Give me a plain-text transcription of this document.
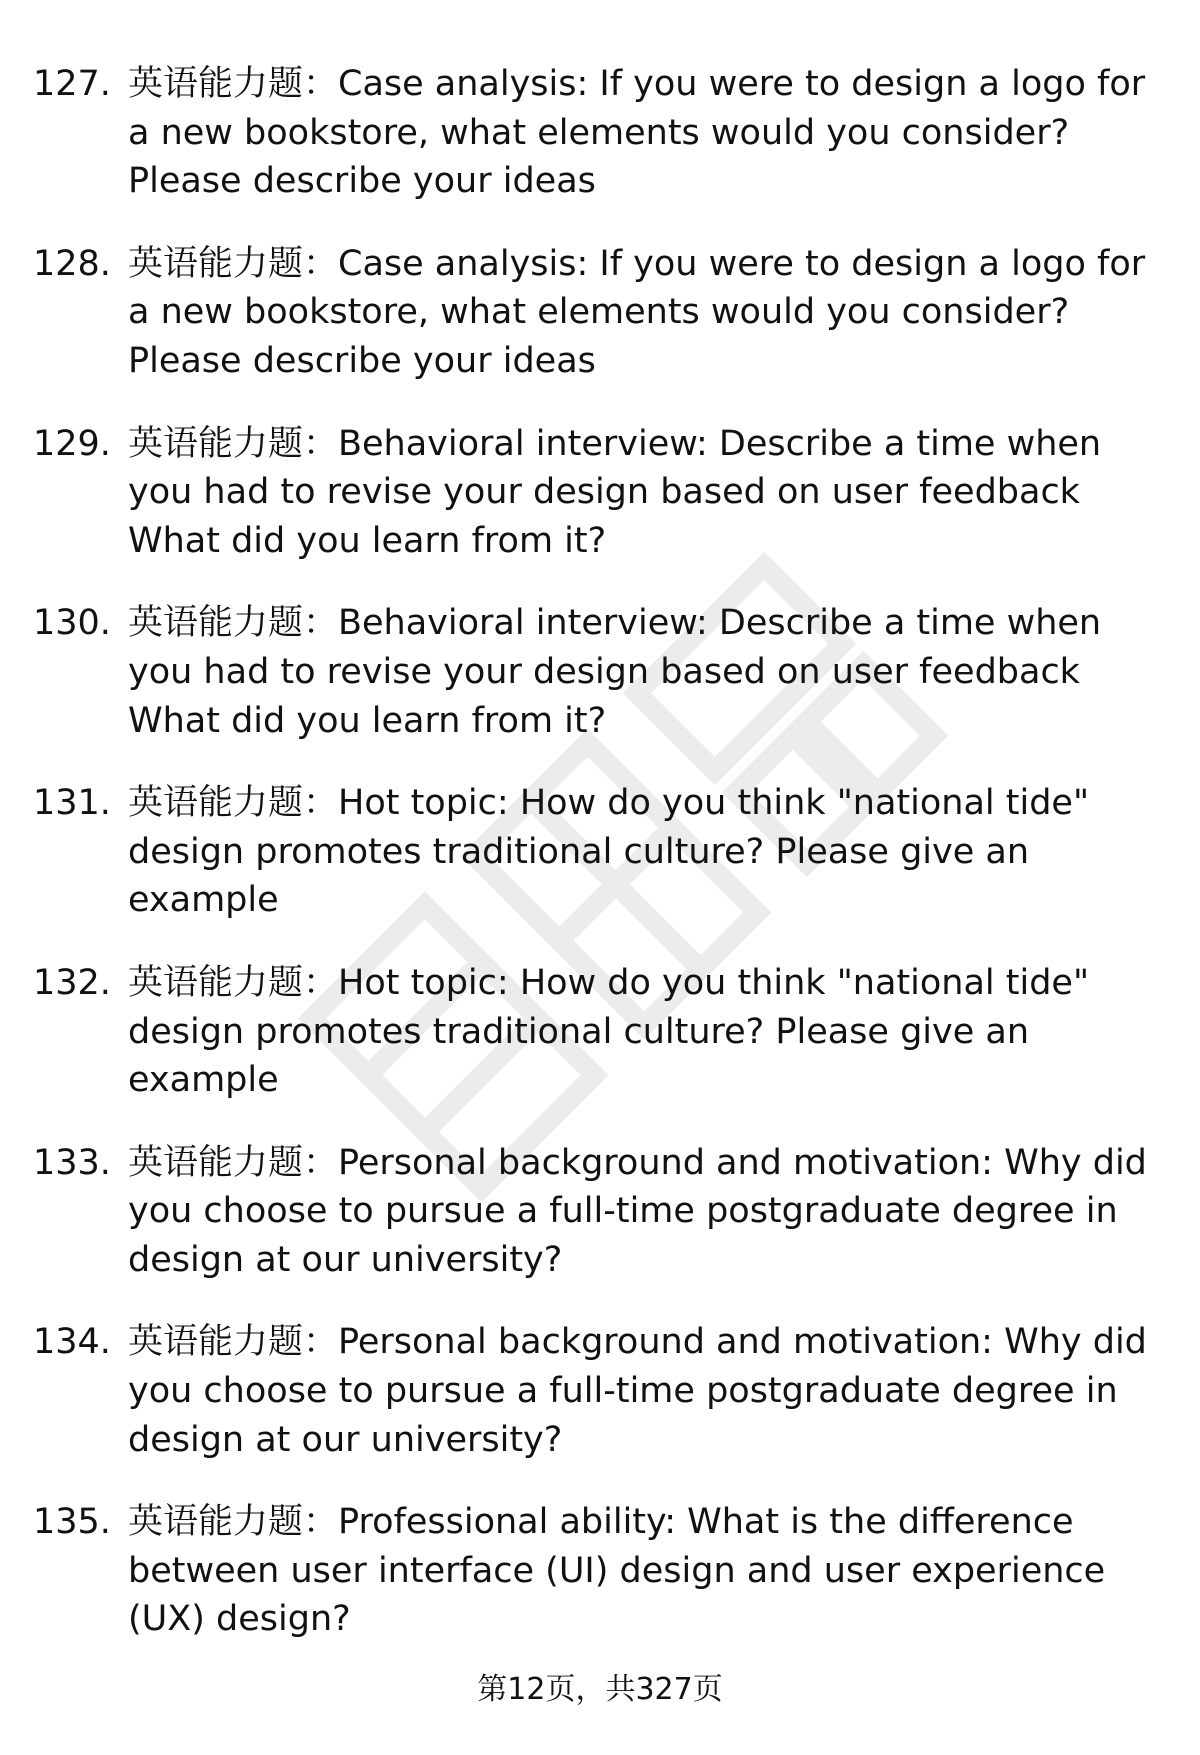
127. 英语能力题：Case analysis: If you were to design a logo for
a new bookstore, what elements would you consider?
Please describe your ideas
128. 英语能力题：Case analysis: If you were to design a logo for
a new bookstore, what elements would you consider?
Please describe your ideas
129. 英语能力题：Behavioral interview: Describe a time when
you had to revise your design based on user feedback
What did you learn from it?
130. 英语能力题：Behavioral interview: Describe a time when
you had to revise your design based on user feedback
What did you learn from it?
131. 英语能力题：Hot topic: How do you think "national tide"
design promotes traditional culture? Please give an
example
132. 英语能力题：Hot topic: How do you think "national tide"
design promotes traditional culture? Please give an
example
133. 英语能力题：Personal background and motivation: Why did
you choose to pursue a full-time postgraduate degree in
design at our university?
134. 英语能力题：Personal background and motivation: Why did
you choose to pursue a full-time postgraduate degree in
design at our university?
135. 英语能力题：Professional ability: What is the difference
between user interface (UI) design and user experience
(UX) design?
第12页，共327页
